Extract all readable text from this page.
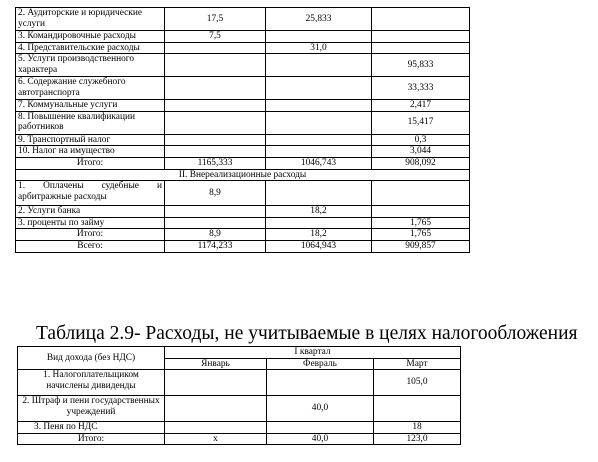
2. Аудиторские и юридические услуги	17,5	25,833	
3. Командировочные расходы	7,5		
4. Представительские расходы		31,0	
5. Услуги производственного характера			95,833
6. Содержание служебного автотранспорта			33,333
7. Коммунальные услуги			2,417
8. Повышение квалификации работников			15,417
9. Транспортный налог			0,3
10. Налог на имущество			3,044
Итого:	1165,333	1046,743	908,092
II. Внереализационные расходы			
1. Оплачены судебные и арбитражные расходы	8,9		
2. Услуги банка		18,2	
3. проценты по займу			1,765
Итого:	8,9	18,2	1,765
Всего:	1174,233	1064,943	909,857
Таблица 2.9- Расходы, не учитываемые в целях налогообложения
Вид дохода (без НДС)	I квартал		
	Январь	Февраль	Март
1. Налогоплательщиком начислены дивиденды			105,0
2. Штраф и пени государственных учреждений		40,0	
3. Пеня по НДС			18
Итого:	х	40,0	123,0
